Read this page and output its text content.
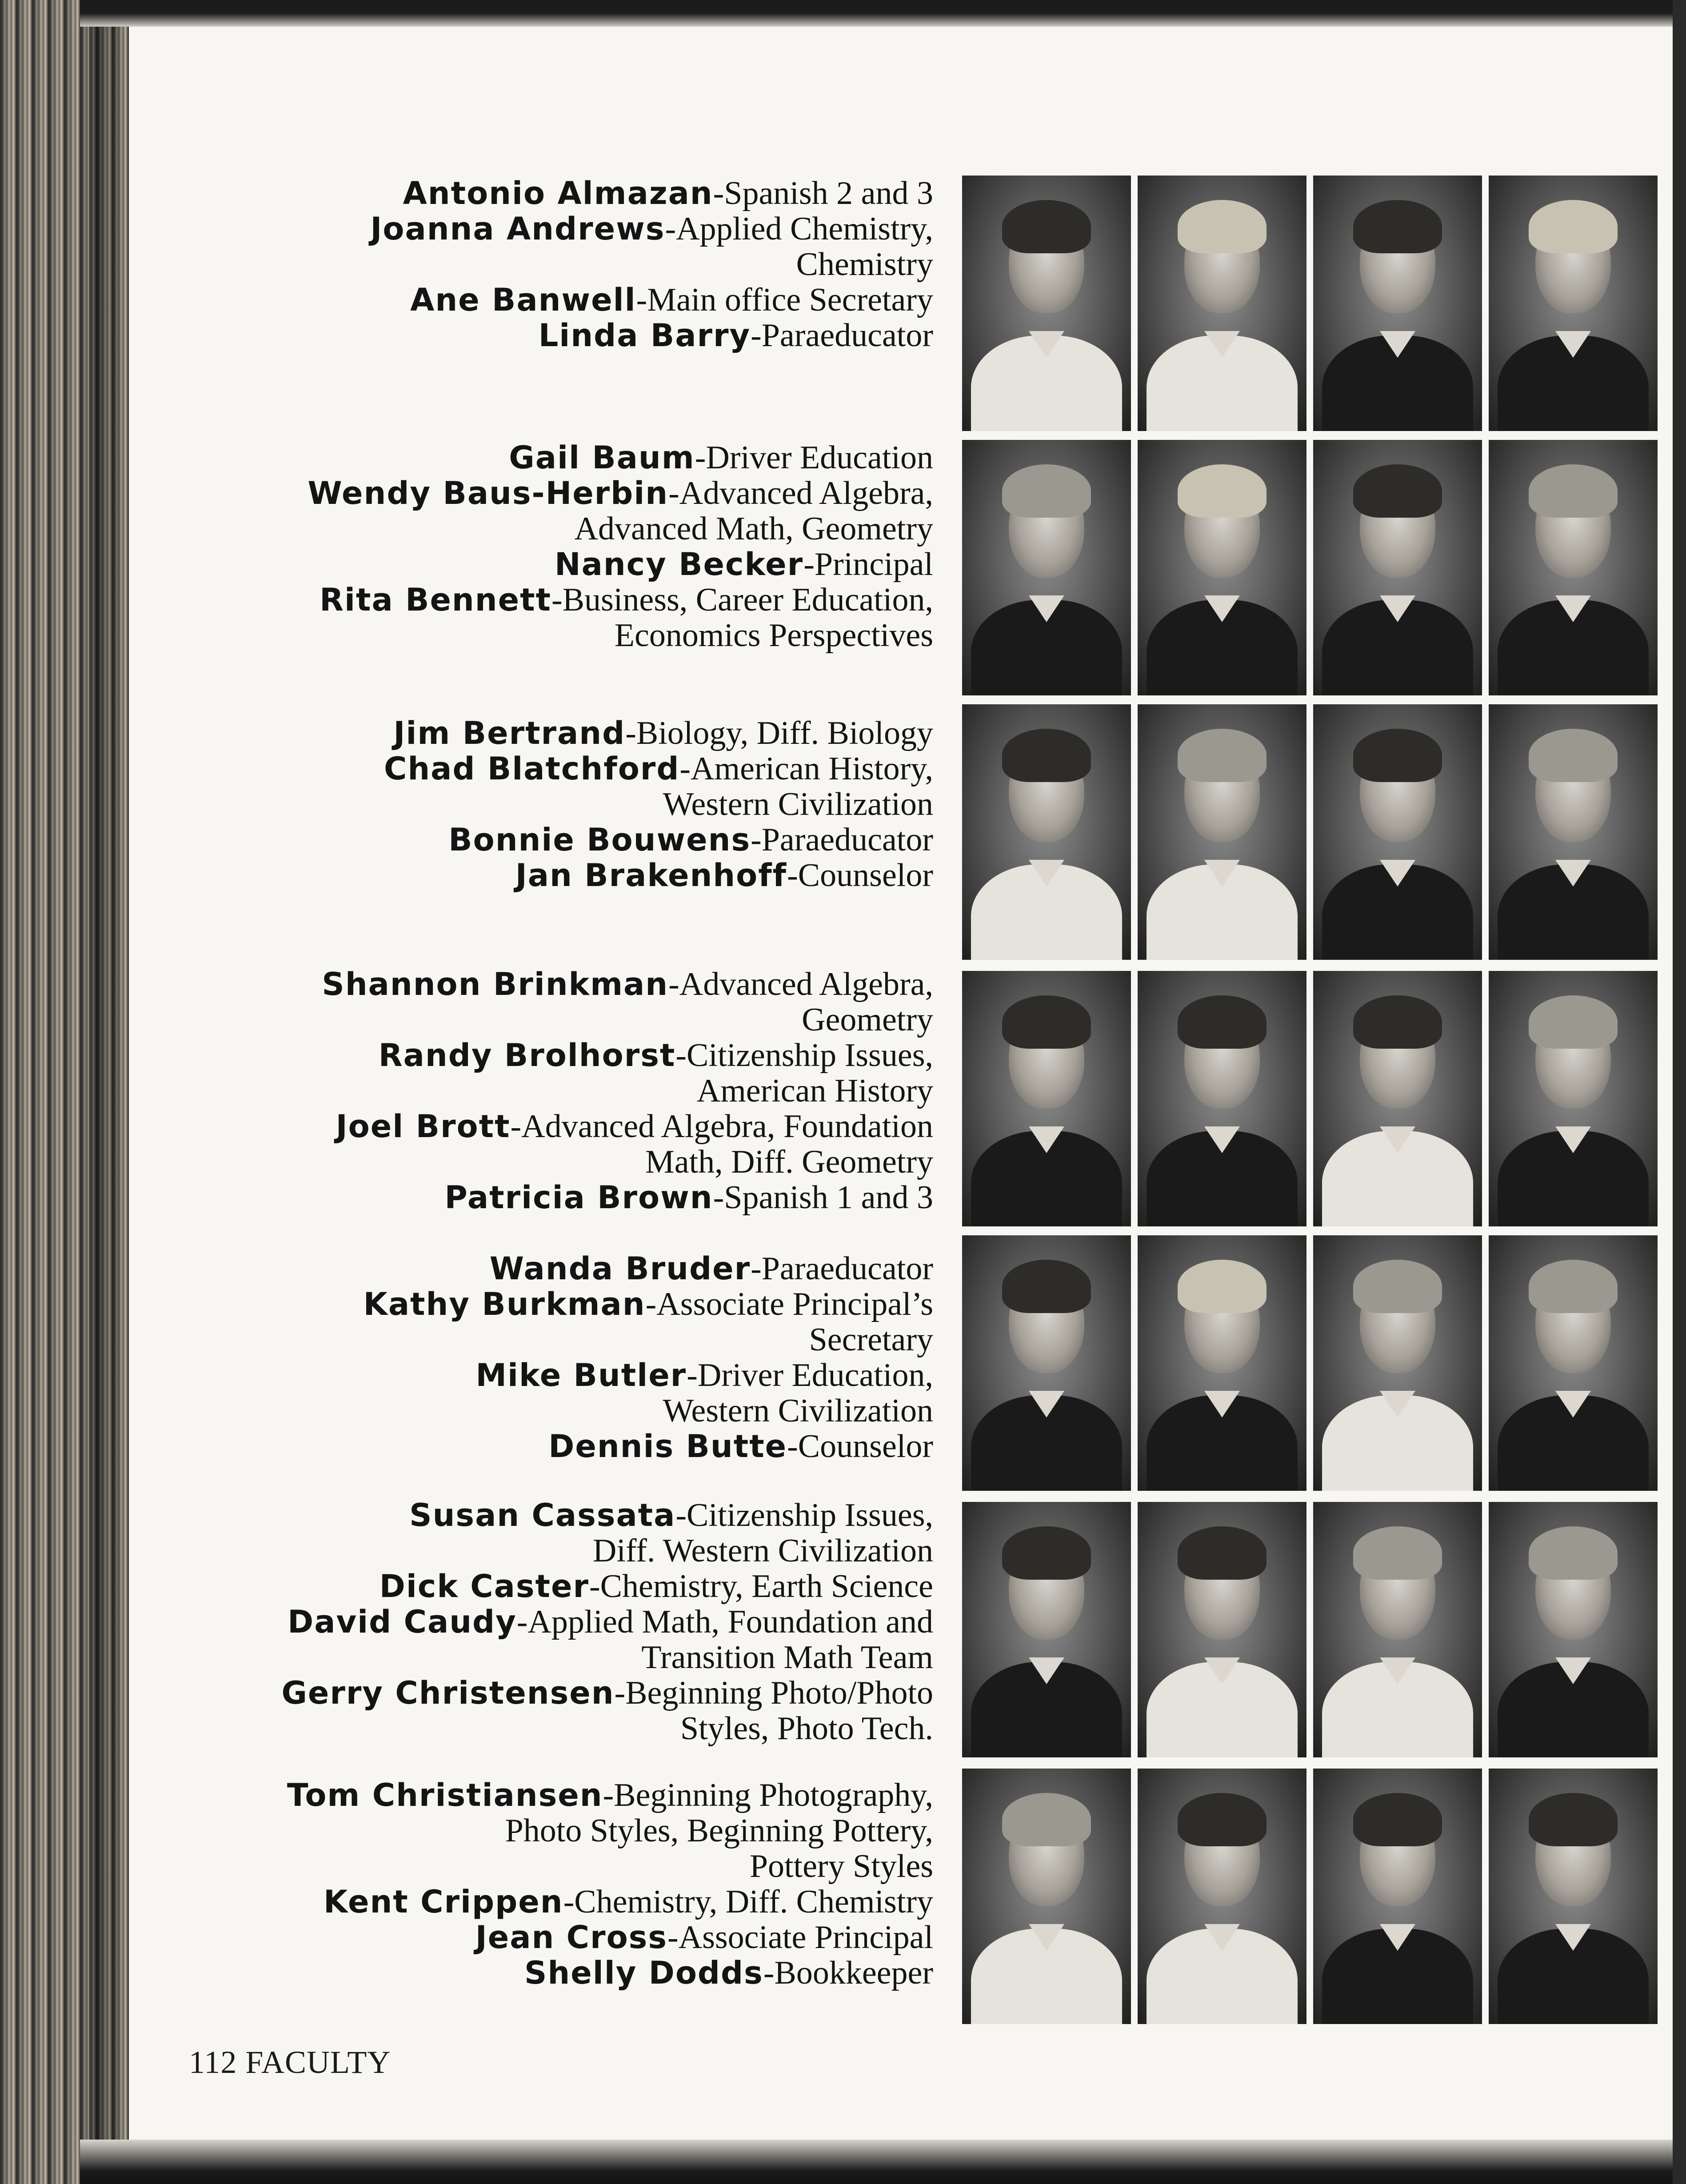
Antonio Almazan-Spanish 2 and 3
Joanna Andrews-Applied Chemistry,
Chemistry
Ane Banwell-Main office Secretary
Linda Barry-Paraeducator
Gail Baum-Driver Education
Wendy Baus-Herbin-Advanced Algebra,
Advanced Math, Geometry
Nancy Becker-Principal
Rita Bennett-Business, Career Education,
Economics Perspectives
Jim Bertrand-Biology, Diff. Biology
Chad Blatchford-American History,
Western Civilization
Bonnie Bouwens-Paraeducator
Jan Brakenhoff-Counselor
Shannon Brinkman-Advanced Algebra,
Geometry
Randy Brolhorst-Citizenship Issues,
American History
Joel Brott-Advanced Algebra, Foundation
Math, Diff. Geometry
Patricia Brown-Spanish 1 and 3
Wanda Bruder-Paraeducator
Kathy Burkman-Associate Principal’s
Secretary
Mike Butler-Driver Education,
Western Civilization
Dennis Butte-Counselor
Susan Cassata-Citizenship Issues,
Diff. Western Civilization
Dick Caster-Chemistry, Earth Science
David Caudy-Applied Math, Foundation and
Transition Math Team
Gerry Christensen-Beginning Photo/Photo
Styles, Photo Tech.
Tom Christiansen-Beginning Photography,
Photo Styles, Beginning Pottery,
Pottery Styles
Kent Crippen-Chemistry, Diff. Chemistry
Jean Cross-Associate Principal
Shelly Dodds-Bookkeeper
112 FACULTY
